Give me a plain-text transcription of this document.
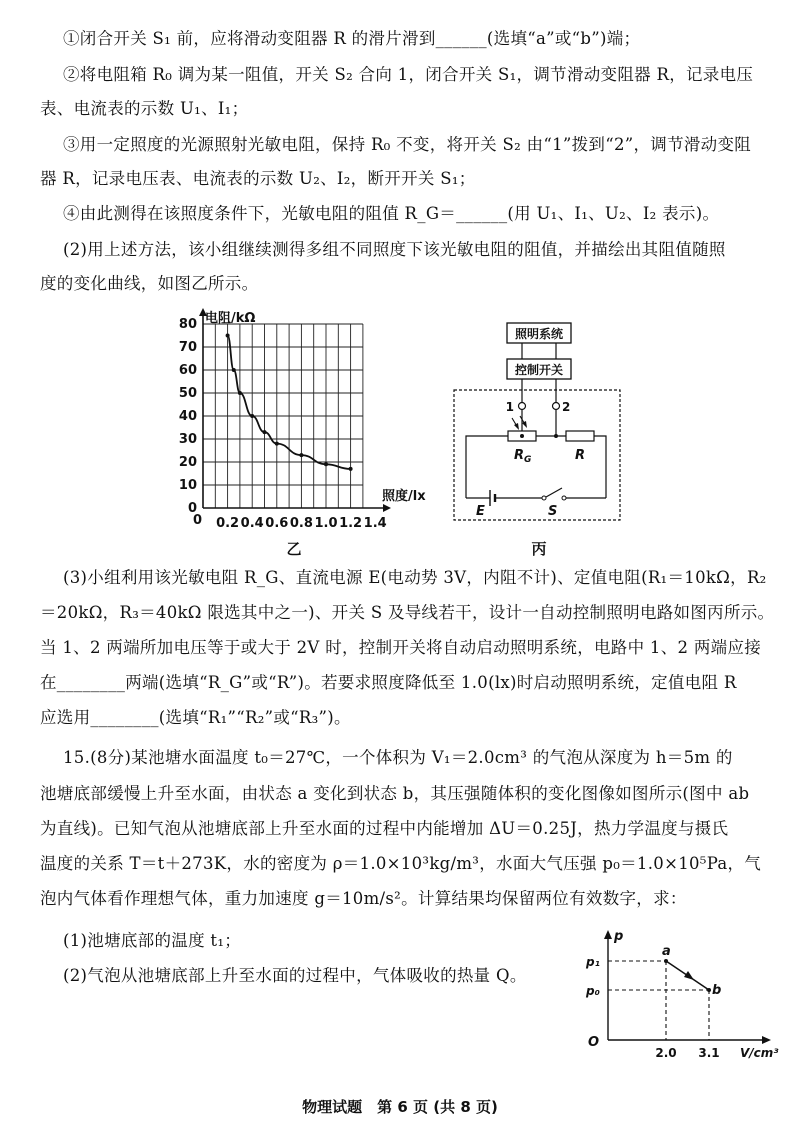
①闭合开关 S₁ 前，应将滑动变阻器 R 的滑片滑到______(选填“a”或“b”)端；
②将电阻箱 R₀ 调为某一阻值，开关 S₂ 合向 1，闭合开关 S₁，调节滑动变阻器 R，记录电压
表、电流表的示数 U₁、I₁；
③用一定照度的光源照射光敏电阻，保持 R₀ 不变，将开关 S₂ 由“1”拨到“2”，调节滑动变阻
器 R，记录电压表、电流表的示数 U₂、I₂，断开开关 S₁；
④由此测得在该照度条件下，光敏电阻的阻值 R_G＝______(用 U₁、I₁、U₂、I₂ 表示)。
(2)用上述方法，该小组继续测得多组不同照度下该光敏电阻的阻值，并描绘出其阻值随照
度的变化曲线，如图乙所示。
0
10
20
30
40
50
60
70
80
0.2 0.4 0.6 0.8 1.0 1.2 1.4
0
电阻/kΩ
照度/lx
乙
照明系统
控制开关
1	2
$R_G$	R
E	S
丙
(3)小组利用该光敏电阻 R_G、直流电源 E(电动势 3V，内阻不计)、定值电阻(R₁＝10kΩ，R₂
＝20kΩ，R₃＝40kΩ 限选其中之一)、开关 S 及导线若干，设计一自动控制照明电路如图丙所示。
当 1、2 两端所加电压等于或大于 2V 时，控制开关将自动启动照明系统，电路中 1、2 两端应接
在________两端(选填“R_G”或“R”)。若要求照度降低至 1.0(lx)时启动照明系统，定值电阻 R
应选用________(选填“R₁”“R₂”或“R₃”)。
15.(8分)某池塘水面温度 t₀＝27℃，一个体积为 V₁＝2.0cm³ 的气泡从深度为 h＝5m 的
池塘底部缓慢上升至水面，由状态 a 变化到状态 b，其压强随体积的变化图像如图所示(图中 ab
为直线)。已知气泡从池塘底部上升至水面的过程中内能增加 ΔU＝0.25J，热力学温度与摄氏
温度的关系 T＝t＋273K，水的密度为 ρ＝1.0×10³kg/m³，水面大气压强 p₀＝1.0×10⁵Pa，气
泡内气体看作理想气体，重力加速度 g＝10m/s²。计算结果均保留两位有效数字，求：
(1)池塘底部的温度 t₁；
(2)气泡从池塘底部上升至水面的过程中，气体吸收的热量 Q。
p
V/cm³
O
a
b
p₁
p₀
2.0 3.1
物理试题　第 6 页 (共 8 页)
